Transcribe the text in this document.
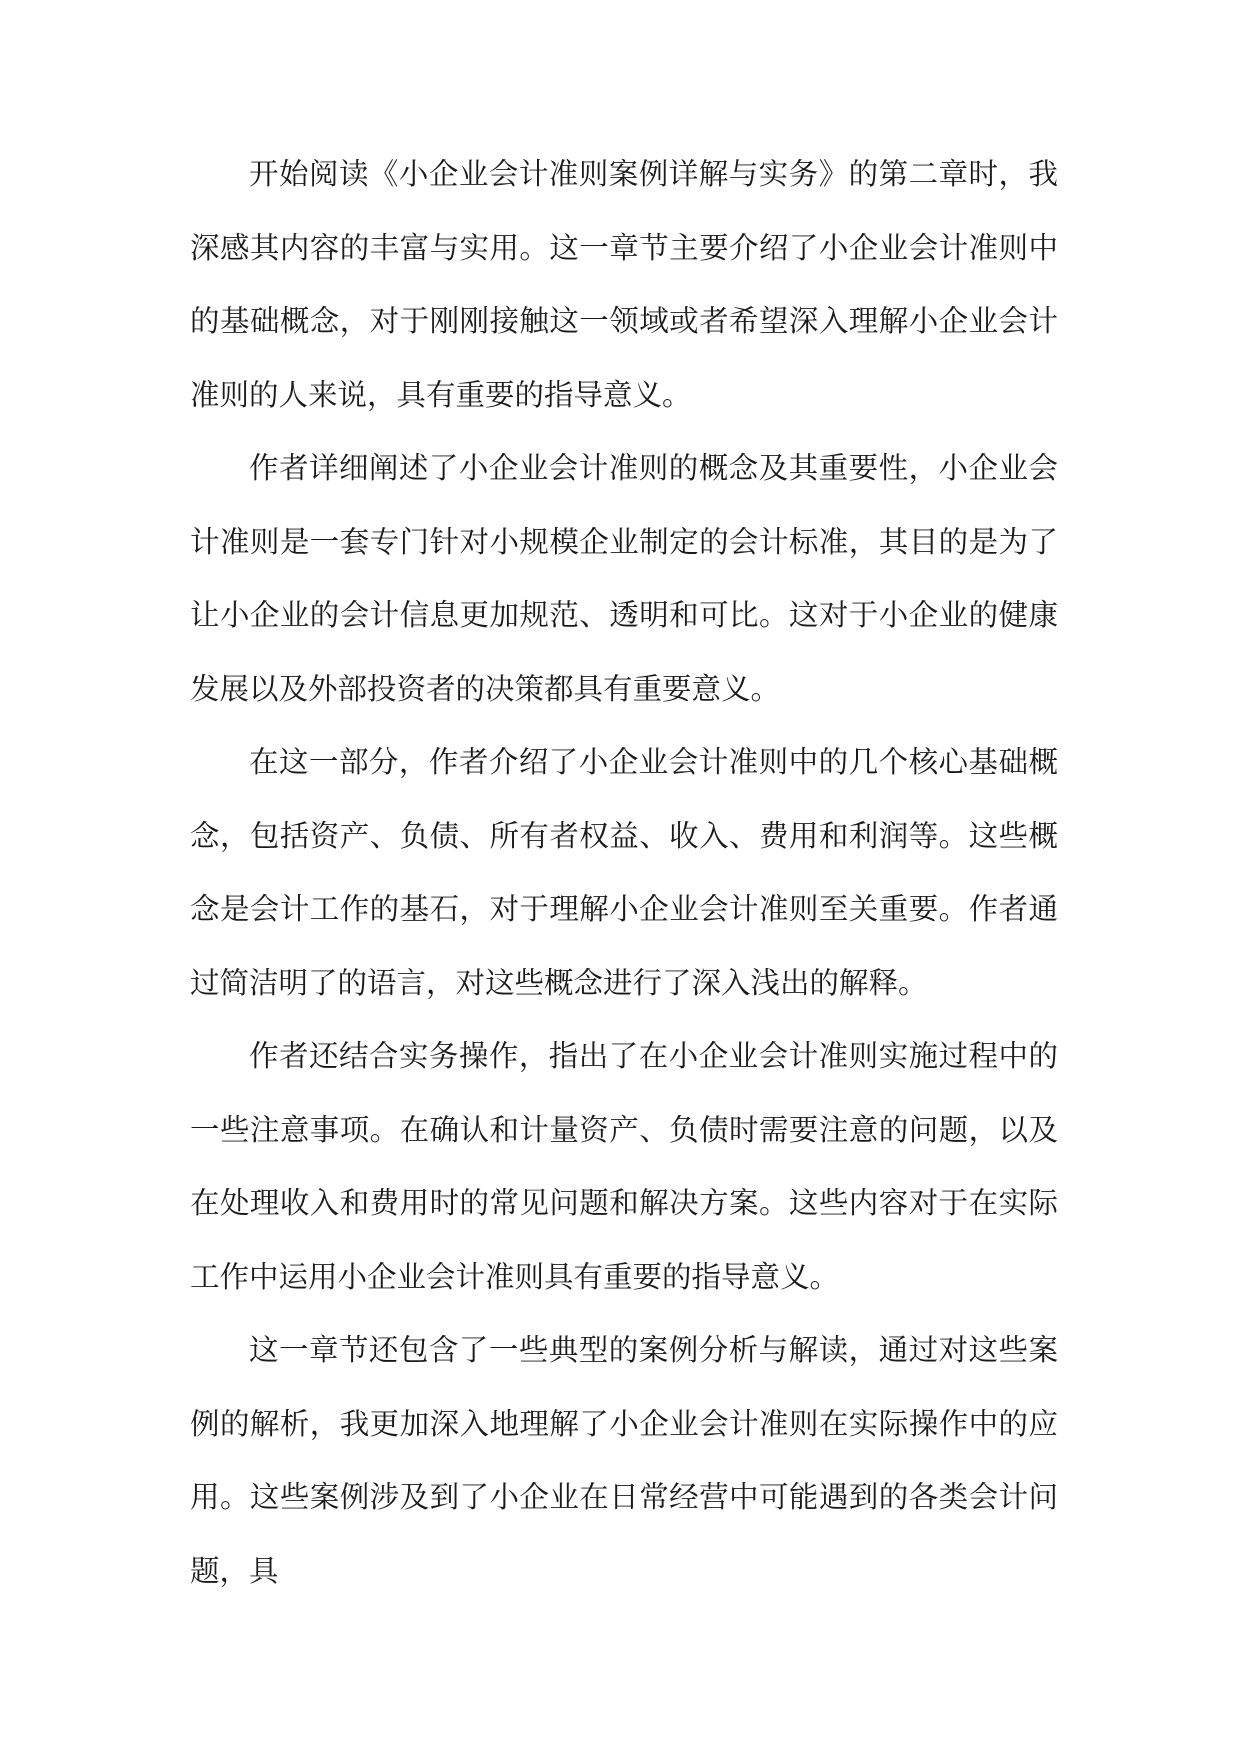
开始阅读《小企业会计准则案例详解与实务》的第二章时，我深感其内容的丰富与实用。这一章节主要介绍了小企业会计准则中的基础概念，对于刚刚接触这一领域或者希望深入理解小企业会计准则的人来说，具有重要的指导意义。

作者详细阐述了小企业会计准则的概念及其重要性，小企业会计准则是一套专门针对小规模企业制定的会计标准，其目的是为了让小企业的会计信息更加规范、透明和可比。这对于小企业的健康发展以及外部投资者的决策都具有重要意义。

在这一部分，作者介绍了小企业会计准则中的几个核心基础概念，包括资产、负债、所有者权益、收入、费用和利润等。这些概念是会计工作的基石，对于理解小企业会计准则至关重要。作者通过简洁明了的语言，对这些概念进行了深入浅出的解释。

作者还结合实务操作，指出了在小企业会计准则实施过程中的一些注意事项。在确认和计量资产、负债时需要注意的问题，以及在处理收入和费用时的常见问题和解决方案。这些内容对于在实际工作中运用小企业会计准则具有重要的指导意义。

这一章节还包含了一些典型的案例分析与解读，通过对这些案例的解析，我更加深入地理解了小企业会计准则在实际操作中的应用。这些案例涉及到了小企业在日常经营中可能遇到的各类会计问题，具
